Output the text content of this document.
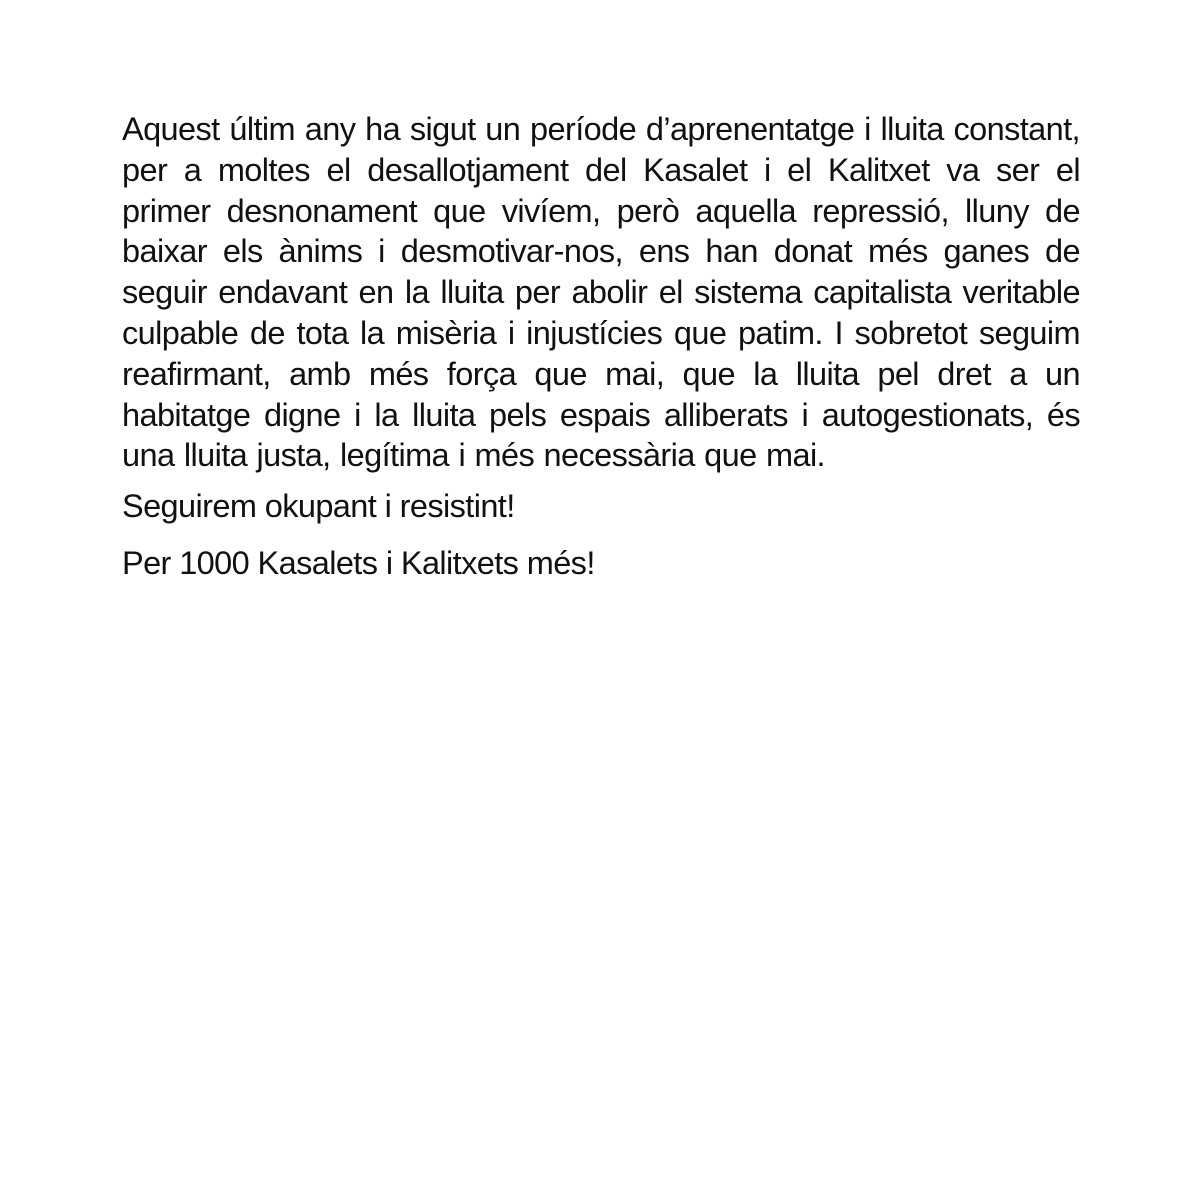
Aquest últim any ha sigut un període d’aprenentatge i lluita constant, per a moltes el desallotjament del Kasalet i el Kalitxet va ser el primer desnonament que vivíem, però aquella repressió, lluny de baixar els ànims i desmotivar-nos, ens han donat més ganes de seguir endavant en la lluita per abolir el sistema capitalista veritable culpable de tota la misèria i injustícies que patim. I sobretot seguim reafirmant, amb més força que mai, que la lluita pel dret a un habitatge digne i la lluita pels espais alliberats i autogestionats, és una lluita justa, legítima i més necessària que mai.

Seguirem okupant i resistint!

Per 1000 Kasalets i Kalitxets més!
